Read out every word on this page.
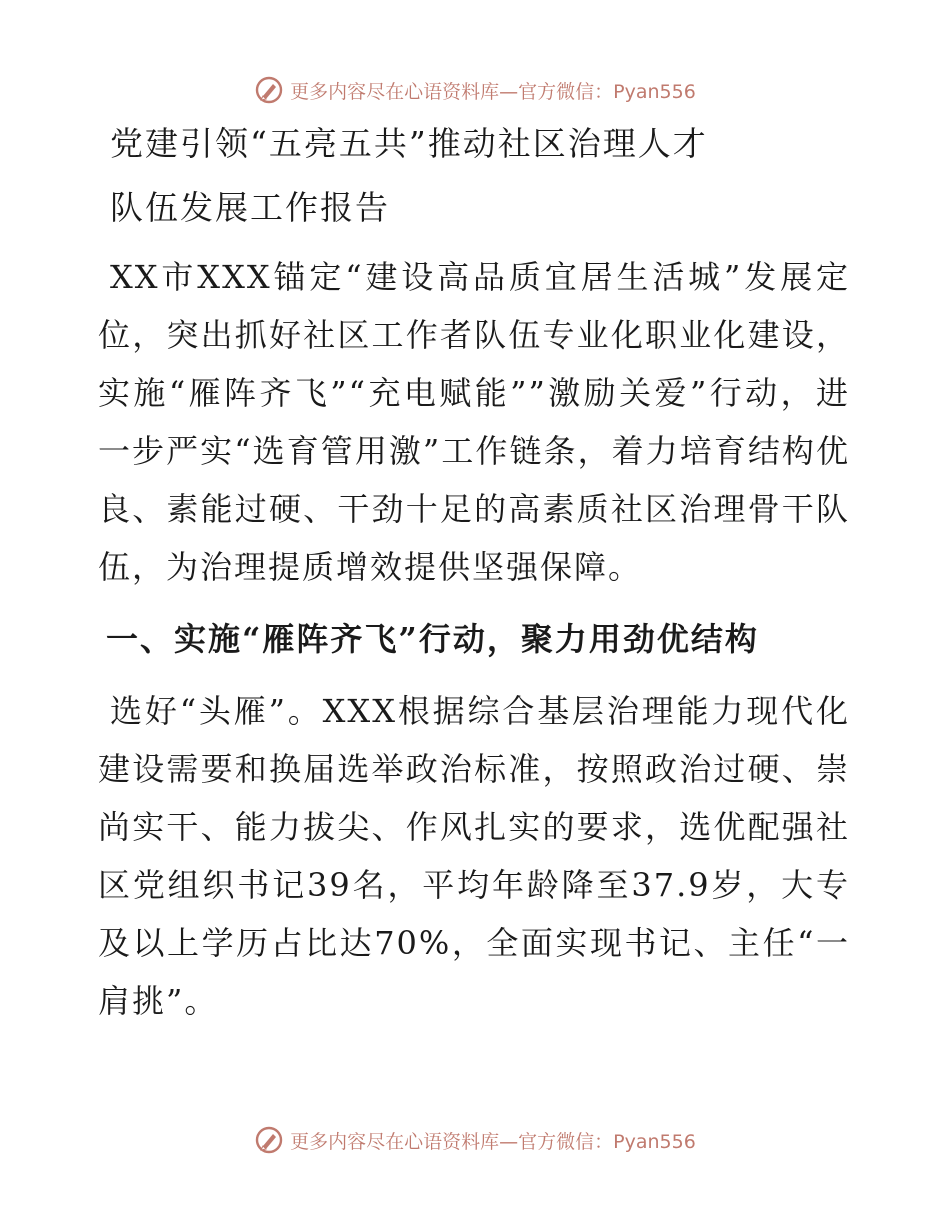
更多内容尽在心语资料库—官方微信：Pyan556
党建引领“五亮五共”推动社区治理人才
队伍发展工作报告

XX市XXX锚定“建设高品质宜居生活城”发展定位，突出抓好社区工作者队伍专业化职业化建设，实施“雁阵齐飞”“充电赋能””激励关爱”行动，进一步严实“选育管用激”工作链条，着力培育结构优良、素能过硬、干劲十足的高素质社区治理骨干队伍，为治理提质增效提供坚强保障。

一、实施“雁阵齐飞”行动，聚力用劲优结构

选好“头雁”。XXX根据综合基层治理能力现代化建设需要和换届选举政治标准，按照政治过硬、崇尚实干、能力拔尖、作风扎实的要求，选优配强社区党组织书记39名，平均年龄降至37.9岁，大专及以上学历占比达70%，全面实现书记、主任“一肩挑”。

更多内容尽在心语资料库—官方微信：Pyan556
